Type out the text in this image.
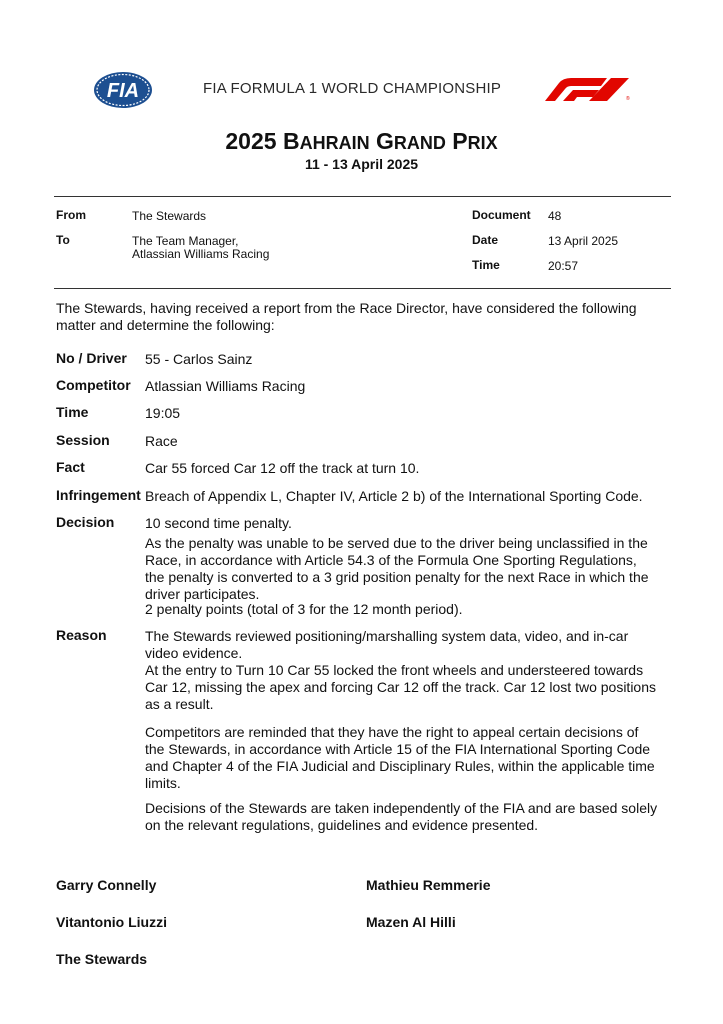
FIA	FIA FORMULA 1 WORLD CHAMPIONSHIP
®
2025 BAHRAIN GRAND PRIX
11 - 13 April 2025
From	The Stewards
To	The Team Manager,
Atlassian Williams Racing
Document 48
Date	13 April 2025
Time	20:57
The Stewards, having received a report from the Race Director, have considered the following matter and determine the following:
No / Driver 55 - Carlos Sainz
Competitor Atlassian Williams Racing
Time	19:05
Session	Race
Fact	Car 55 forced Car 12 off the track at turn 10.
Infringement Breach of Appendix L, Chapter IV, Article 2 b) of the International Sporting Code.
Decision 10 second time penalty.
As the penalty was unable to be served due to the driver being unclassified in the Race, in accordance with Article 54.3 of the Formula One Sporting Regulations, the penalty is converted to a 3 grid position penalty for the next Race in which the driver participates.
2 penalty points (total of 3 for the 12 month period).
Reason	The Stewards reviewed positioning/marshalling system data, video, and in-car video evidence.
At the entry to Turn 10 Car 55 locked the front wheels and understeered towards Car 12, missing the apex and forcing Car 12 off the track. Car 12 lost two positions as a result.
Competitors are reminded that they have the right to appeal certain decisions of the Stewards, in accordance with Article 15 of the FIA International Sporting Code and Chapter 4 of the FIA Judicial and Disciplinary Rules, within the applicable time limits.
Decisions of the Stewards are taken independently of the FIA and are based solely on the relevant regulations, guidelines and evidence presented.
Garry Connelly	Mathieu Remmerie
Vitantonio Liuzzi	Mazen Al Hilli
The Stewards
